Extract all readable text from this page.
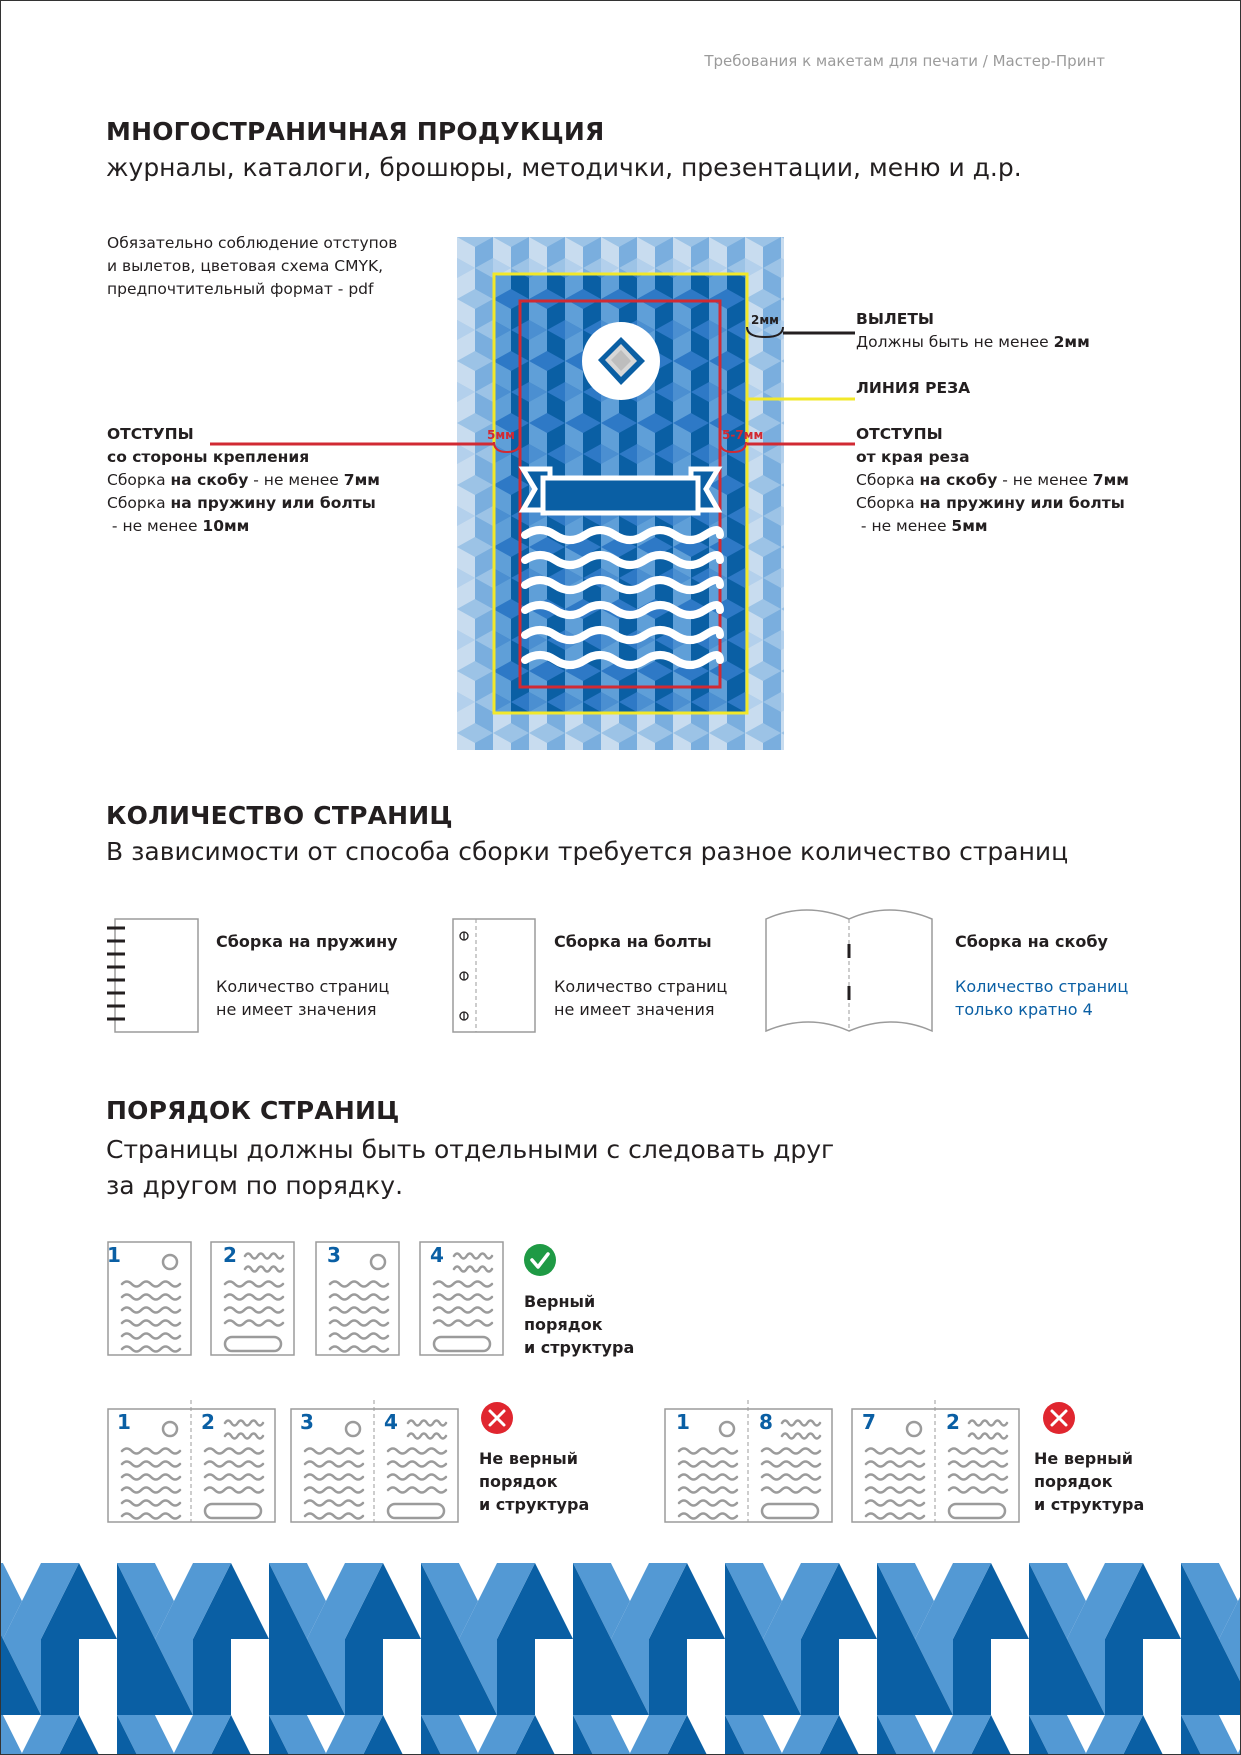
Требования к макетам для печати / Мастер-Принт
МНОГОСТРАНИЧНАЯ ПРОДУКЦИЯ
журналы, каталоги, брошюры, методички, презентации, меню и д.р.
Обязательно соблюдение отступов
и вылетов, цветовая схема CMYK,
предпочтительный формат - pdf
2мм
5мм	5-7мм
ОТСТУПЫ
со стороны крепления
Сборка на скобу - не менее 7мм
Сборка на пружину или болты
- не менее 10мм
ВЫЛЕТЫ
Должны быть не менее 2мм
ЛИНИЯ РЕЗА
ОТСТУПЫ
от края реза
Сборка на скобу - не менее 7мм
Сборка на пружину или болты
- не менее 5мм
КОЛИЧЕСТВО СТРАНИЦ
В зависимости от способа сборки требуется разное количество страниц
Сборка на пружину
Количество страниц
не имеет значения
Сборка на болты
Количество страниц
не имеет значения
Сборка на скобу
Количество страниц
только кратно 4
ПОРЯДОК СТРАНИЦ
Страницы должны быть отдельными с следовать друг
за другом по порядку.
1	2	3	4
1	2	3	4	1	8	7	2
Верный
порядок
и структура
Не верный
порядок
и структура
Не верный
порядок
и структура
